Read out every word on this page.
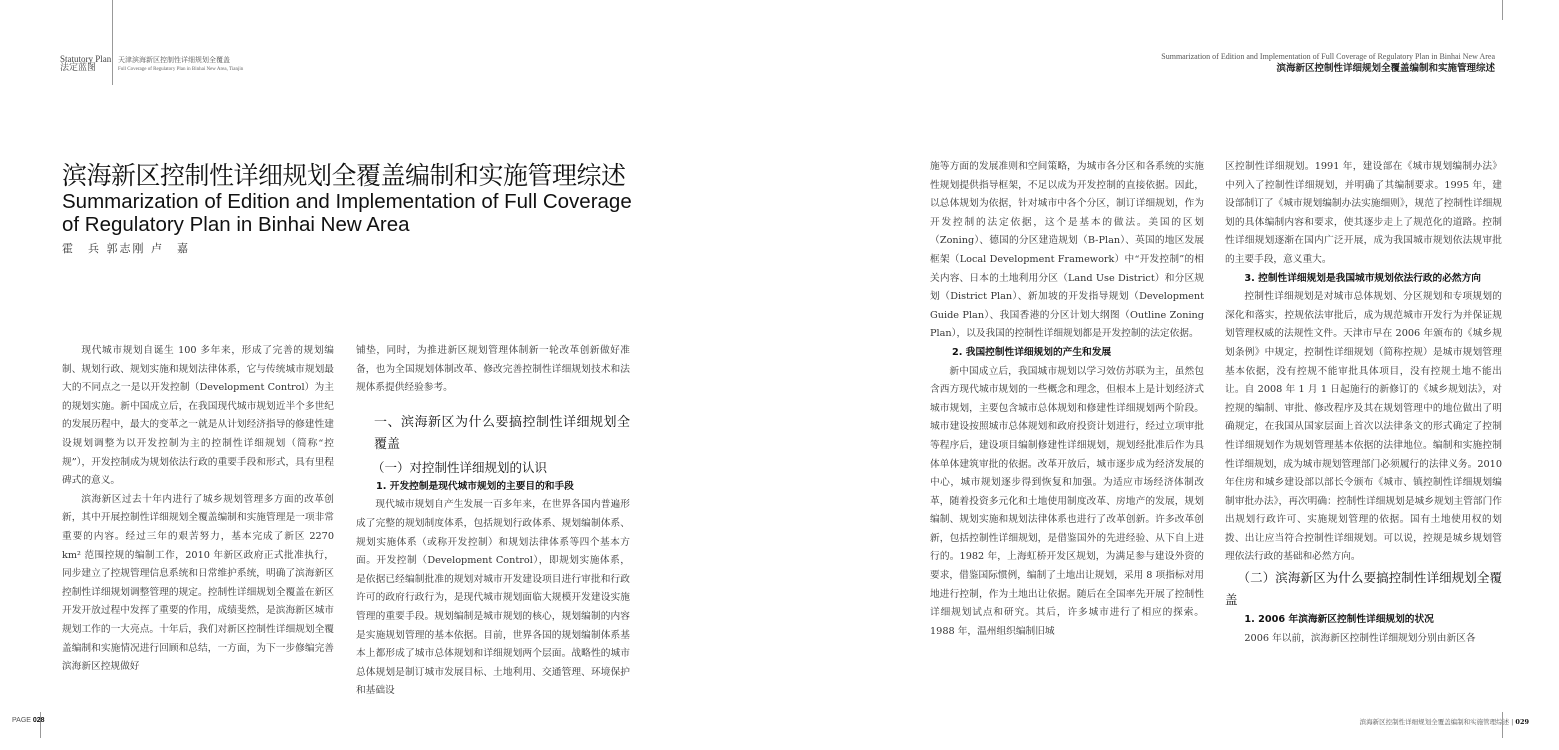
Statutory Plan
法定蓝图
天津滨海新区控制性详细规划全覆盖
Full Coverage of Regulatory Plan in Binhai New Area, Tianjin
Summarization of Edition and Implementation of Full Coverage of Regulatory Plan in Binhai New Area
滨海新区控制性详细规划全覆盖编制和实施管理综述
滨海新区控制性详细规划全覆盖编制和实施管理综述
Summarization of Edition and Implementation of Full Coverage of Regulatory Plan in Binhai New Area
霍　兵 郭志刚 卢　嘉

现代城市规划自诞生 100 多年来，形成了完善的规划编制、规划行政、规划实施和规划法律体系，它与传统城市规划最大的不同点之一是以开发控制（Development Control）为主的规划实施。新中国成立后，在我国现代城市规划近半个多世纪的发展历程中，最大的变革之一就是从计划经济指导的修建性建设规划调整为以开发控制为主的控制性详细规划（简称“控规”），开发控制成为规划依法行政的重要手段和形式，具有里程碑式的意义。

滨海新区过去十年内进行了城乡规划管理多方面的改革创新，其中开展控制性详细规划全覆盖编制和实施管理是一项非常重要的内容。经过三年的艰苦努力，基本完成了新区 2270 km² 范围控规的编制工作，2010 年新区政府正式批准执行，同步建立了控规管理信息系统和日常维护系统，明确了滨海新区控制性详细规划调整管理的规定。控制性详细规划全覆盖在新区开发开放过程中发挥了重要的作用，成绩斐然，是滨海新区城市规划工作的一大亮点。十年后，我们对新区控制性详细规划全覆盖编制和实施情况进行回顾和总结，一方面，为下一步修编完善滨海新区控规做好

铺垫，同时，为推进新区规划管理体制新一轮改革创新做好准备，也为全国规划体制改革、修改完善控制性详细规划技术和法规体系提供经验参考。

一、滨海新区为什么要搞控制性详细规划全覆盖
（一）对控制性详细规划的认识
1. 开发控制是现代城市规划的主要目的和手段

现代城市规划自产生发展一百多年来，在世界各国内普遍形成了完整的规划制度体系，包括规划行政体系、规划编制体系、规划实施体系（或称开发控制）和规划法律体系等四个基本方面。开发控制（Development Control），即规划实施体系，是依据已经编制批准的规划对城市开发建设项目进行审批和行政许可的政府行政行为，是现代城市规划面临大规模开发建设实施管理的重要手段。规划编制是城市规划的核心，规划编制的内容是实施规划管理的基本依据。目前，世界各国的规划编制体系基本上都形成了城市总体规划和详细规划两个层面。战略性的城市总体规划是制订城市发展目标、土地利用、交通管理、环境保护和基础设

施等方面的发展准则和空间策略，为城市各分区和各系统的实施性规划提供指导框架，不足以成为开发控制的直接依据。因此，以总体规划为依据，针对城市中各个分区，制订详细规划，作为开发控制的法定依据，这个是基本的做法。美国的区划（Zoning）、德国的分区建造规划（B-Plan）、英国的地区发展框架（Local Development Framework）中“开发控制”的相关内容、日本的土地利用分区（Land Use District）和分区规划（District Plan）、新加坡的开发指导规划（Development Guide Plan）、我国香港的分区计划大纲图（Outline Zoning Plan），以及我国的控制性详细规划都是开发控制的法定依据。

2. 我国控制性详细规划的产生和发展

新中国成立后，我国城市规划以学习效仿苏联为主，虽然包含西方现代城市规划的一些概念和理念，但根本上是计划经济式城市规划，主要包含城市总体规划和修建性详细规划两个阶段。城市建设按照城市总体规划和政府投资计划进行，经过立项审批等程序后，建设项目编制修建性详细规划，规划经批准后作为具体单体建筑审批的依据。改革开放后，城市逐步成为经济发展的中心，城市规划逐步得到恢复和加强。为适应市场经济体制改革，随着投资多元化和土地使用制度改革、房地产的发展，规划编制、规划实施和规划法律体系也进行了改革创新。许多改革创新，包括控制性详细规划，是借鉴国外的先进经验、从下自上进行的。1982 年，上海虹桥开发区规划，为满足参与建设外资的要求，借鉴国际惯例，编制了土地出让规划，采用 8 项指标对用地进行控制，作为土地出让依据。随后在全国率先开展了控制性详细规划试点和研究。其后，许多城市进行了相应的探索。1988 年，温州组织编制旧城

区控制性详细规划。1991 年，建设部在《城市规划编制办法》中列入了控制性详细规划，并明确了其编制要求。1995 年，建设部制订了《城市规划编制办法实施细则》，规范了控制性详细规划的具体编制内容和要求，使其逐步走上了规范化的道路。控制性详细规划逐渐在国内广泛开展，成为我国城市规划依法规审批的主要手段，意义重大。

3. 控制性详细规划是我国城市规划依法行政的必然方向

控制性详细规划是对城市总体规划、分区规划和专项规划的深化和落实，控规依法审批后，成为规范城市开发行为并保证规划管理权威的法规性文件。天津市早在 2006 年颁布的《城乡规划条例》中规定，控制性详细规划（简称控规）是城市规划管理基本依据，没有控规不能审批具体项目，没有控规土地不能出让。自 2008 年 1 月 1 日起施行的新修订的《城乡规划法》，对控规的编制、审批、修改程序及其在规划管理中的地位做出了明确规定，在我国从国家层面上首次以法律条文的形式确定了控制性详细规划作为规划管理基本依据的法律地位。编制和实施控制性详细规划，成为城市规划管理部门必须履行的法律义务。2010 年住房和城乡建设部以部长令颁布《城市、镇控制性详细规划编制审批办法》，再次明确：控制性详细规划是城乡规划主管部门作出规划行政许可、实施规划管理的依据。国有土地使用权的划拨、出让应当符合控制性详细规划。可以说，控规是城乡规划管理依法行政的基础和必然方向。

（二）滨海新区为什么要搞控制性详细规划全覆盖
1. 2006 年滨海新区控制性详细规划的状况

2006 年以前，滨海新区控制性详细规划分别由新区各

PAGE 028	滨海新区控制性详细规划全覆盖编制和实施管理综述 | 029
